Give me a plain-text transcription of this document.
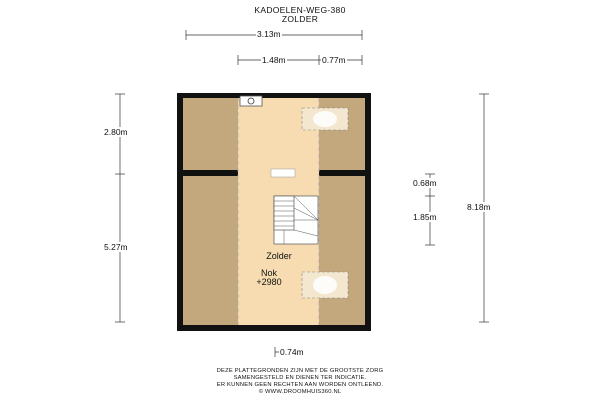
KADOELEN-WEG-380
ZOLDER
3.13m
1.48m	0.77m
2.80m
5.27m
0.68m
1.85m
8.18m
0.74m
Zolder
Nok
+2980
DEZE PLATTEGRONDEN ZIJN MET DE GROOTSTE ZORG
SAMENGESTELD EN DIENEN TER INDICATIE.
ER KUNNEN GEEN RECHTEN AAN WORDEN ONTLEEND.
© WWW.DROOMHUIS360.NL
